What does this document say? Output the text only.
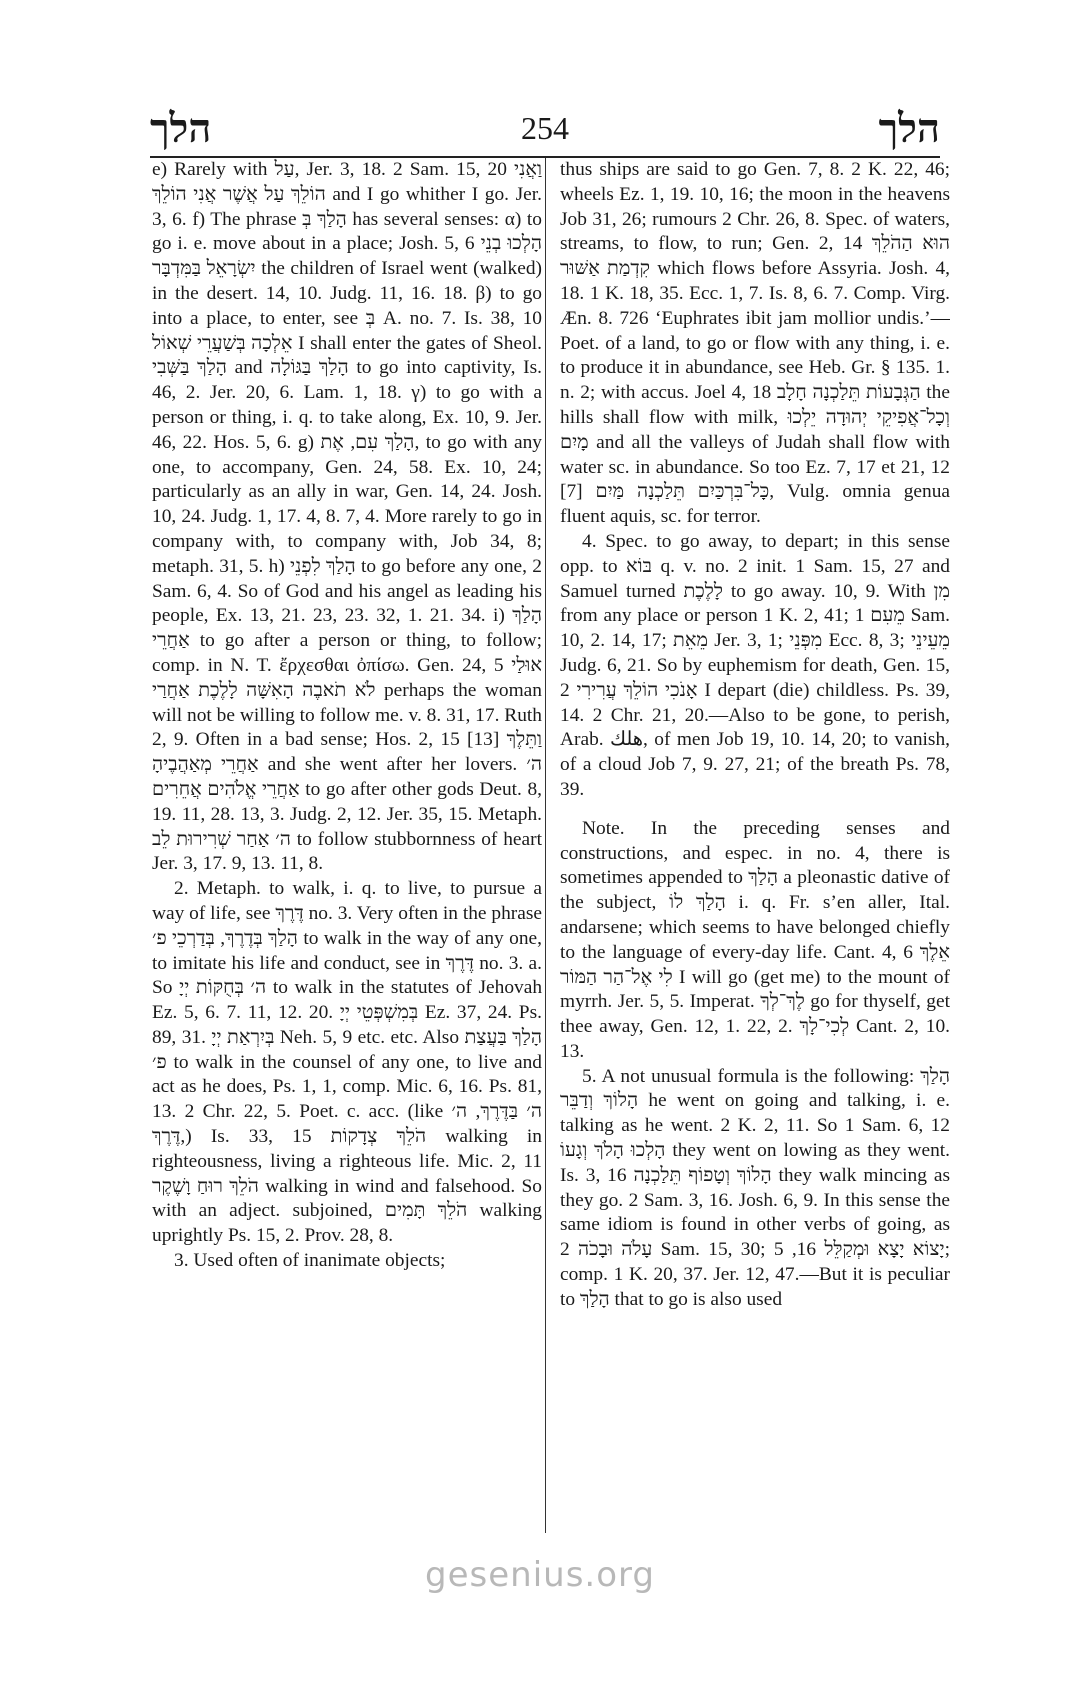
הלך	254	הלך

e) Rarely with עַל, Jer. 3, 18. 2 Sam. 15, 20 וַאֲנִי הוֹלֵךְ עַל אֲשֶׁר אֲנִי הוֹלֵךְ and I go whither I go. Jer. 3, 6. f) The phrase הָלַךְ בְּ has several senses: α) to go i. e. move about in a place; Josh. 5, 6 הָלְכוּ בְנֵי יִשְׂרָאֵל בַּמִּדְבָּר the children of Israel went (walked) in the desert. 14, 10. Judg. 11, 16. 18. β) to go into a place, to enter, see בְּ A. no. 7. Is. 38, 10 אֵלְכָה בְּשַׁעֲרֵי שְׁאוֹל I shall enter the gates of Sheol. הָלַךְ בַּשְּׁבִי and הָלַךְ בַּגּוֹלָה to go into captivity, Is. 46, 2. Jer. 20, 6. Lam. 1, 18. γ) to go with a person or thing, i. q. to take along, Ex. 10, 9. Jer. 46, 22. Hos. 5, 6. g) הָלַךְ עִם, אֶת, to go with any one, to accompany, Gen. 24, 58. Ex. 10, 24; particularly as an ally in war, Gen. 14, 24. Josh. 10, 24. Judg. 1, 17. 4, 8. 7, 4. More rarely to go in company with, to company with, Job 34, 8; metaph. 31, 5. h) הָלַךְ לִפְנֵי to go before any one, 2 Sam. 6, 4. So of God and his angel as leading his people, Ex. 13, 21. 23, 23. 32, 1. 21. 34. i) הָלַךְ אַחֲרֵי to go after a person or thing, to follow; comp. in N. T. ἔρχεσθαι ὀπίσω. Gen. 24, 5 אוּלַי לֹא תֹאבֶה הָאִשָּׁה לָלֶכֶת אַחֲרַי perhaps the woman will not be willing to follow me. v. 8. 31, 17. Ruth 2, 9. Often in a bad sense; Hos. 2, 15 [13] וַתֵּלֶךְ אַחֲרֵי מְאַהֲבֶיהָ and she went after her lovers. ה׳ אַחֲרֵי אֱלֹהִים אֲחֵרִים to go after other gods Deut. 8, 19. 11, 28. 13, 3. Judg. 2, 12. Jer. 35, 15. Metaph. ה׳ אַחַר שְׁרִירוּת לֵב to follow stubbornness of heart Jer. 3, 17. 9, 13. 11, 8.

2. Metaph. to walk, i. q. to live, to pursue a way of life, see דֶּרֶךְ no. 3. Very often in the phrase הָלַךְ בְּדֶרֶךְ, בְּדַרְכֵי פ׳ to walk in the way of any one, to imitate his life and conduct, see in דֶּרֶךְ no. 3. a. So ה׳ בְּחֻקּוֹת יְיָ to walk in the statutes of Jehovah Ez. 5, 6. 7. 11, 12. 20. בְּמִשְׁפְּטֵי יְיָ Ez. 37, 24. Ps. 89, 31. בְּיִרְאַת יְיָ Neh. 5, 9 etc. etc. Also הָלַךְ בַּעֲצַת פ׳ to walk in the counsel of any one, to live and act as he does, Ps. 1, 1, comp. Mic. 6, 16. Ps. 81, 13. 2 Chr. 22, 5. Poet. c. acc. (like ה׳ בַּדֶּרֶךְ, ה׳ דֶּרֶךְ,) Is. 33, 15 הֹלֵךְ צְדָקוֹת walking in righteousness, living a righteous life. Mic. 2, 11 הֹלֵךְ רוּחַ וָשֶׁקֶר walking in wind and falsehood. So with an adject. subjoined, הֹלֵךְ תָּמִים walking uprightly Ps. 15, 2. Prov. 28, 8.

3. Used often of inanimate objects;

thus ships are said to go Gen. 7, 8. 2 K. 22, 46; wheels Ez. 1, 19. 10, 16; the moon in the heavens Job 31, 26; rumours 2 Chr. 26, 8. Spec. of waters, streams, to flow, to run; Gen. 2, 14 הוּא הַהֹלֵךְ קִדְמַת אַשּׁוּר which flows before Assyria. Josh. 4, 18. 1 K. 18, 35. Ecc. 1, 7. Is. 8, 6. 7. Comp. Virg. Æn. 8. 726 ‘Euphrates ibit jam mollior undis.’—Poet. of a land, to go or flow with any thing, i. e. to produce it in abundance, see Heb. Gr. § 135. 1. n. 2; with accus. Joel 4, 18 הַגְּבָעוֹת תֵּלַכְנָה חָלָב the hills shall flow with milk, וְכָל־אֲפִיקֵי יְהוּדָה יֵלְכוּ מָיִם and all the valleys of Judah shall flow with water sc. in abundance. So too Ez. 7, 17 et 21, 12 [7] כָּל־בִּרְכַּיִם תֵּלַכְנָה מַּיִם, Vulg. omnia genua fluent aquis, sc. for terror.

4. Spec. to go away, to depart; in this sense opp. to בּוֹא q. v. no. 2 init. 1 Sam. 15, 27 and Samuel turned לָלֶכֶת to go away. 10, 9. With מִן from any place or person 1 K. 2, 41; מֵעִם 1 Sam. 10, 2. 14, 17; מֵאֵת Jer. 3, 1; מִפְּנֵי Ecc. 8, 3; מֵעֵינֵי Judg. 6, 21. So by euphemism for death, Gen. 15, 2 אָנֹכִי הוֹלֵךְ עֲרִירִי I depart (die) childless. Ps. 39, 14. 2 Chr. 21, 20.—Also to be gone, to perish, Arab. هلك, of men Job 19, 10. 14, 20; to vanish, of a cloud Job 7, 9. 27, 21; of the breath Ps. 78, 39.

Note. In the preceding senses and constructions, and espec. in no. 4, there is sometimes appended to הָלַךְ a pleonastic dative of the subject, הָלַךְ לוֹ i. q. Fr. s’en aller, Ital. andarsene; which seems to have belonged chiefly to the language of every-day life. Cant. 4, 6 אֵלֶךְ לִי אֶל־הַר הַמּוֹר I will go (get me) to the mount of myrrh. Jer. 5, 5. Imperat. לֶךְ־לְךָ go for thyself, get thee away, Gen. 12, 1. 22, 2. לְכִי־לָךְ Cant. 2, 10. 13.

5. A not unusual formula is the following: הָלַךְ הָלוֹךְ וְדַבֵּר he went on going and talking, i. e. talking as he went. 2 K. 2, 11. So 1 Sam. 6, 12 הָלְכוּ הָלֹךְ וְגָעוֹ they went on lowing as they went. Is. 3, 16 הָלוֹךְ וְטָפוֹף תֵּלַכְנָה they walk mincing as they go. 2 Sam. 3, 16. Josh. 6, 9. In this sense the same idiom is found in other verbs of going, as עָלֹה וּבָכֹה 2 Sam. 15, 30; יָצוֹא יָצָא וּמְקַלֵּל 16, 5; comp. 1 K. 20, 37. Jer. 12, 47.—But it is peculiar to הָלַךְ that to go is also used

gesenius.org
